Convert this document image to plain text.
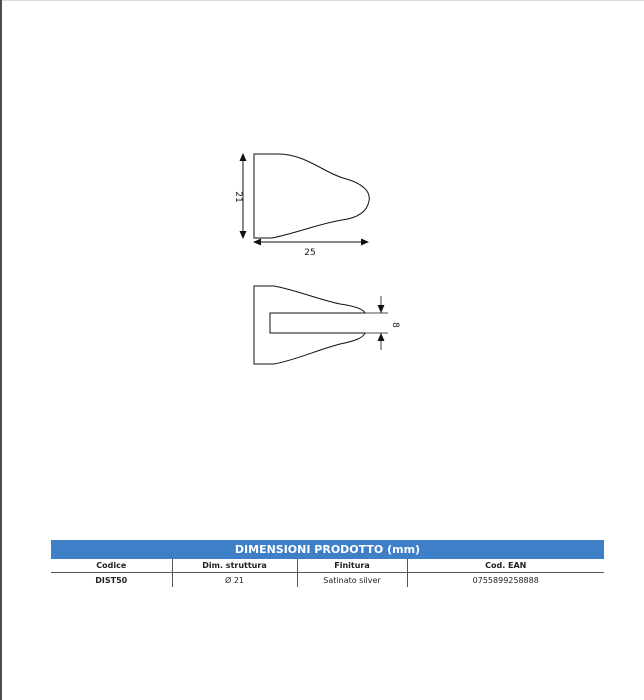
21
25
8
DIMENSIONI PRODOTTO (mm)
Codice	Dim. struttura	Finitura	Cod. EAN
DIST50	Ø 21	Satinato silver	0755899258888
